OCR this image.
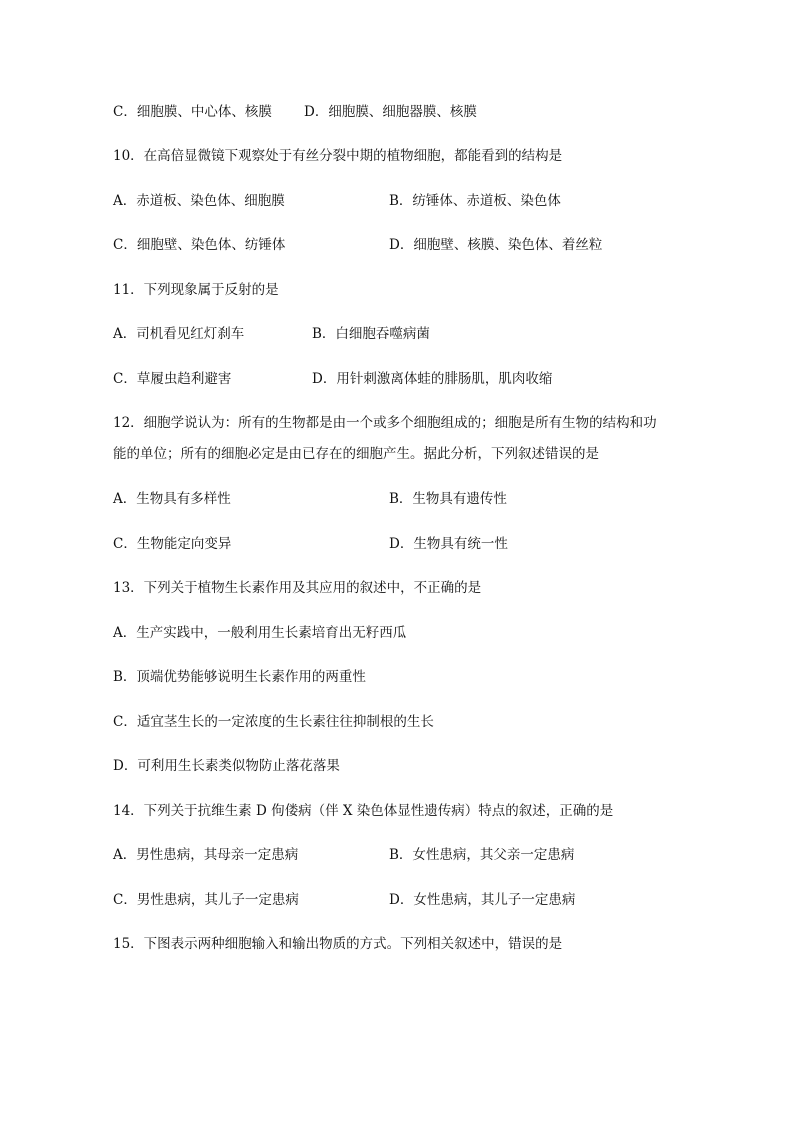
C．细胞膜、中心体、核膜 D．细胞膜、细胞器膜、核膜
10．在高倍显微镜下观察处于有丝分裂中期的植物细胞，都能看到的结构是
A．赤道板、染色体、细胞膜	B．纺锤体、赤道板、染色体
C．细胞壁、染色体、纺锤体	D．细胞壁、核膜、染色体、着丝粒
11．下列现象属于反射的是
A．司机看见红灯刹车	B．白细胞吞噬病菌
C．草履虫趋利避害	D．用针刺激离体蛙的腓肠肌，肌肉收缩
12．细胞学说认为：所有的生物都是由一个或多个细胞组成的；细胞是所有生物的结构和功
能的单位；所有的细胞必定是由已存在的细胞产生。据此分析，下列叙述错误的是
A．生物具有多样性	B．生物具有遗传性
C．生物能定向变异	D．生物具有统一性
13．下列关于植物生长素作用及其应用的叙述中，不正确的是
A．生产实践中，一般利用生长素培育出无籽西瓜
B．顶端优势能够说明生长素作用的两重性
C．适宜茎生长的一定浓度的生长素往往抑制根的生长
D．可利用生长素类似物防止落花落果
14．下列关于抗维生素 D 佝偻病（伴 X 染色体显性遗传病）特点的叙述，正确的是
A．男性患病，其母亲一定患病	B．女性患病，其父亲一定患病
C．男性患病，其儿子一定患病	D．女性患病，其儿子一定患病
15．下图表示两种细胞输入和输出物质的方式。下列相关叙述中，错误的是
